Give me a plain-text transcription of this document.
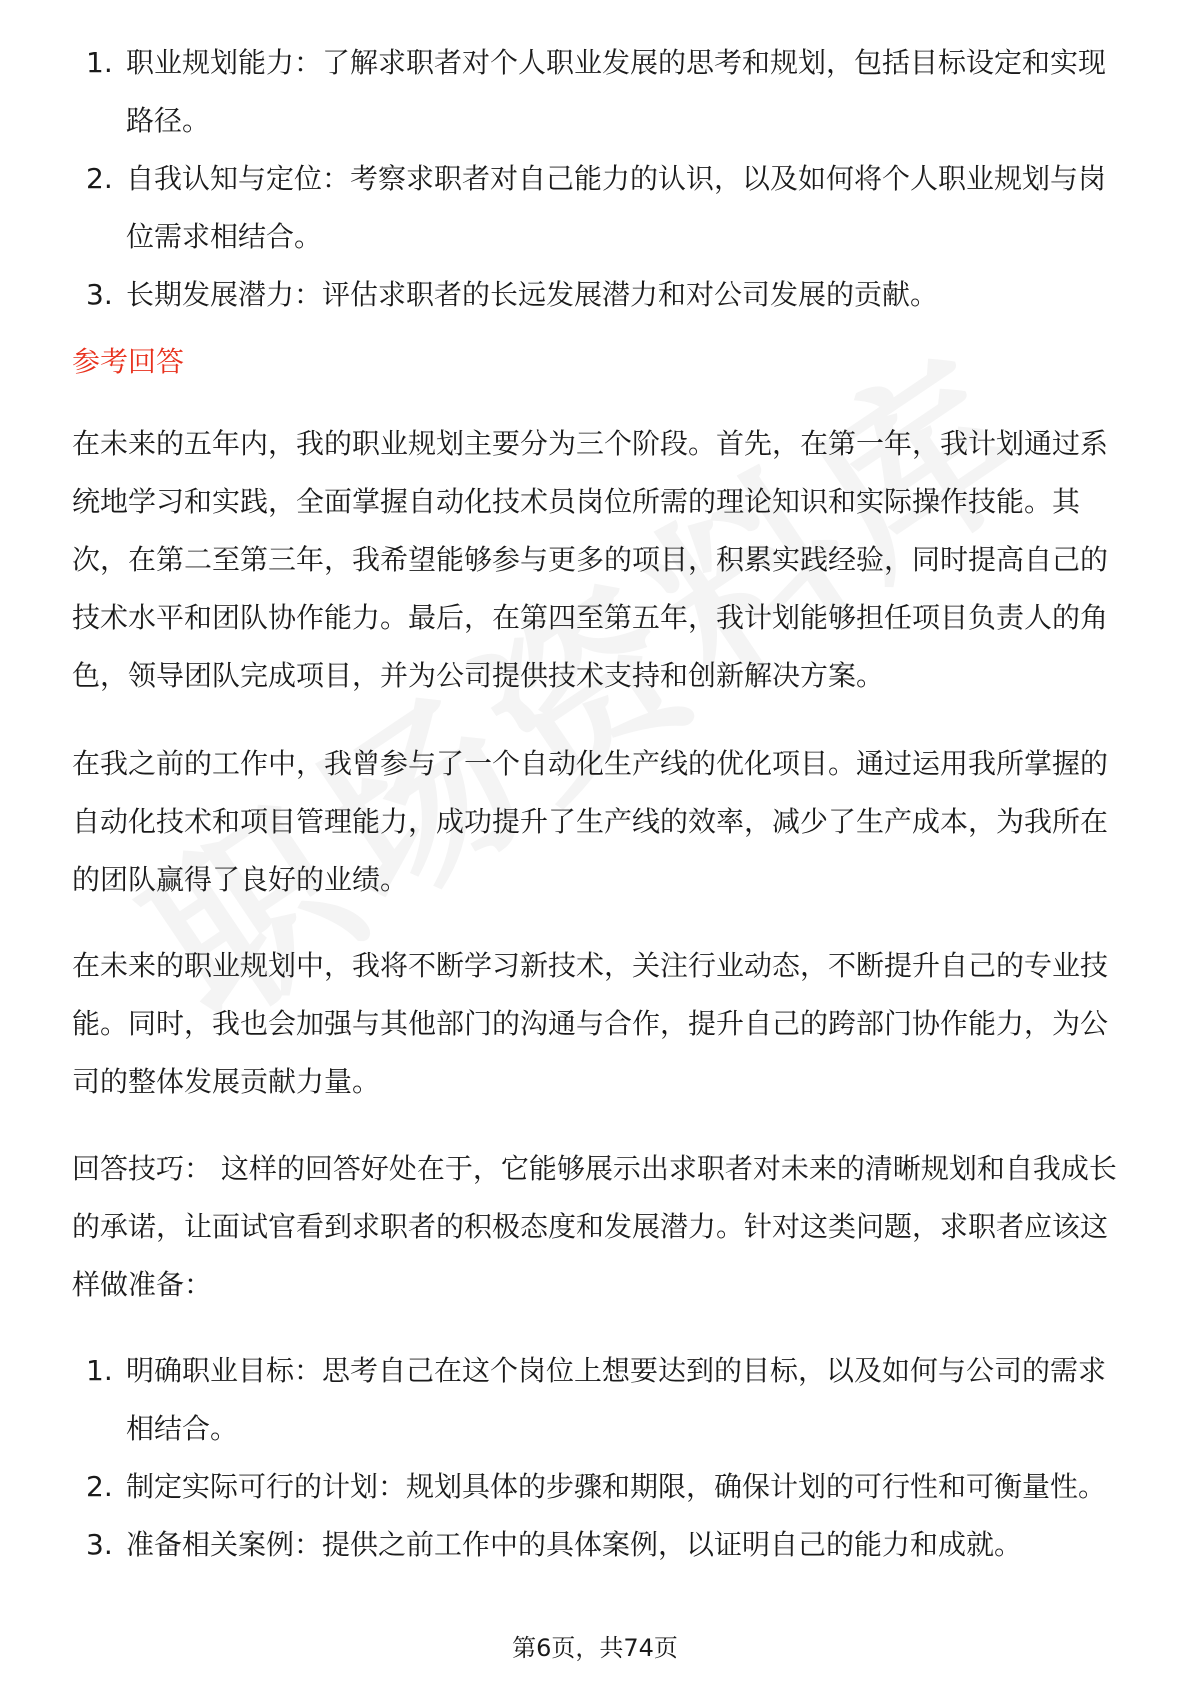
1. 职业规划能力：了解求职者对个人职业发展的思考和规划，包括目标设定和实现路径。
2. 自我认知与定位：考察求职者对自己能力的认识，以及如何将个人职业规划与岗位需求相结合。
3. 长期发展潜力：评估求职者的长远发展潜力和对公司发展的贡献。
参考回答

在未来的五年内，我的职业规划主要分为三个阶段。首先，在第一年，我计划通过系统地学习和实践，全面掌握自动化技术员岗位所需的理论知识和实际操作技能。其次，在第二至第三年，我希望能够参与更多的项目，积累实践经验，同时提高自己的技术水平和团队协作能力。最后，在第四至第五年，我计划能够担任项目负责人的角色，领导团队完成项目，并为公司提供技术支持和创新解决方案。

在我之前的工作中，我曾参与了一个自动化生产线的优化项目。通过运用我所掌握的自动化技术和项目管理能力，成功提升了生产线的效率，减少了生产成本，为我所在的团队赢得了良好的业绩。

在未来的职业规划中，我将不断学习新技术，关注行业动态，不断提升自己的专业技能。同时，我也会加强与其他部门的沟通与合作，提升自己的跨部门协作能力，为公司的整体发展贡献力量。

回答技巧： 这样的回答好处在于，它能够展示出求职者对未来的清晰规划和自我成长的承诺，让面试官看到求职者的积极态度和发展潜力。针对这类问题，求职者应该这样做准备：

1. 明确职业目标：思考自己在这个岗位上想要达到的目标，以及如何与公司的需求相结合。
2. 制定实际可行的计划：规划具体的步骤和期限，确保计划的可行性和可衡量性。
3. 准备相关案例：提供之前工作中的具体案例，以证明自己的能力和成就。
第6页，共74页
